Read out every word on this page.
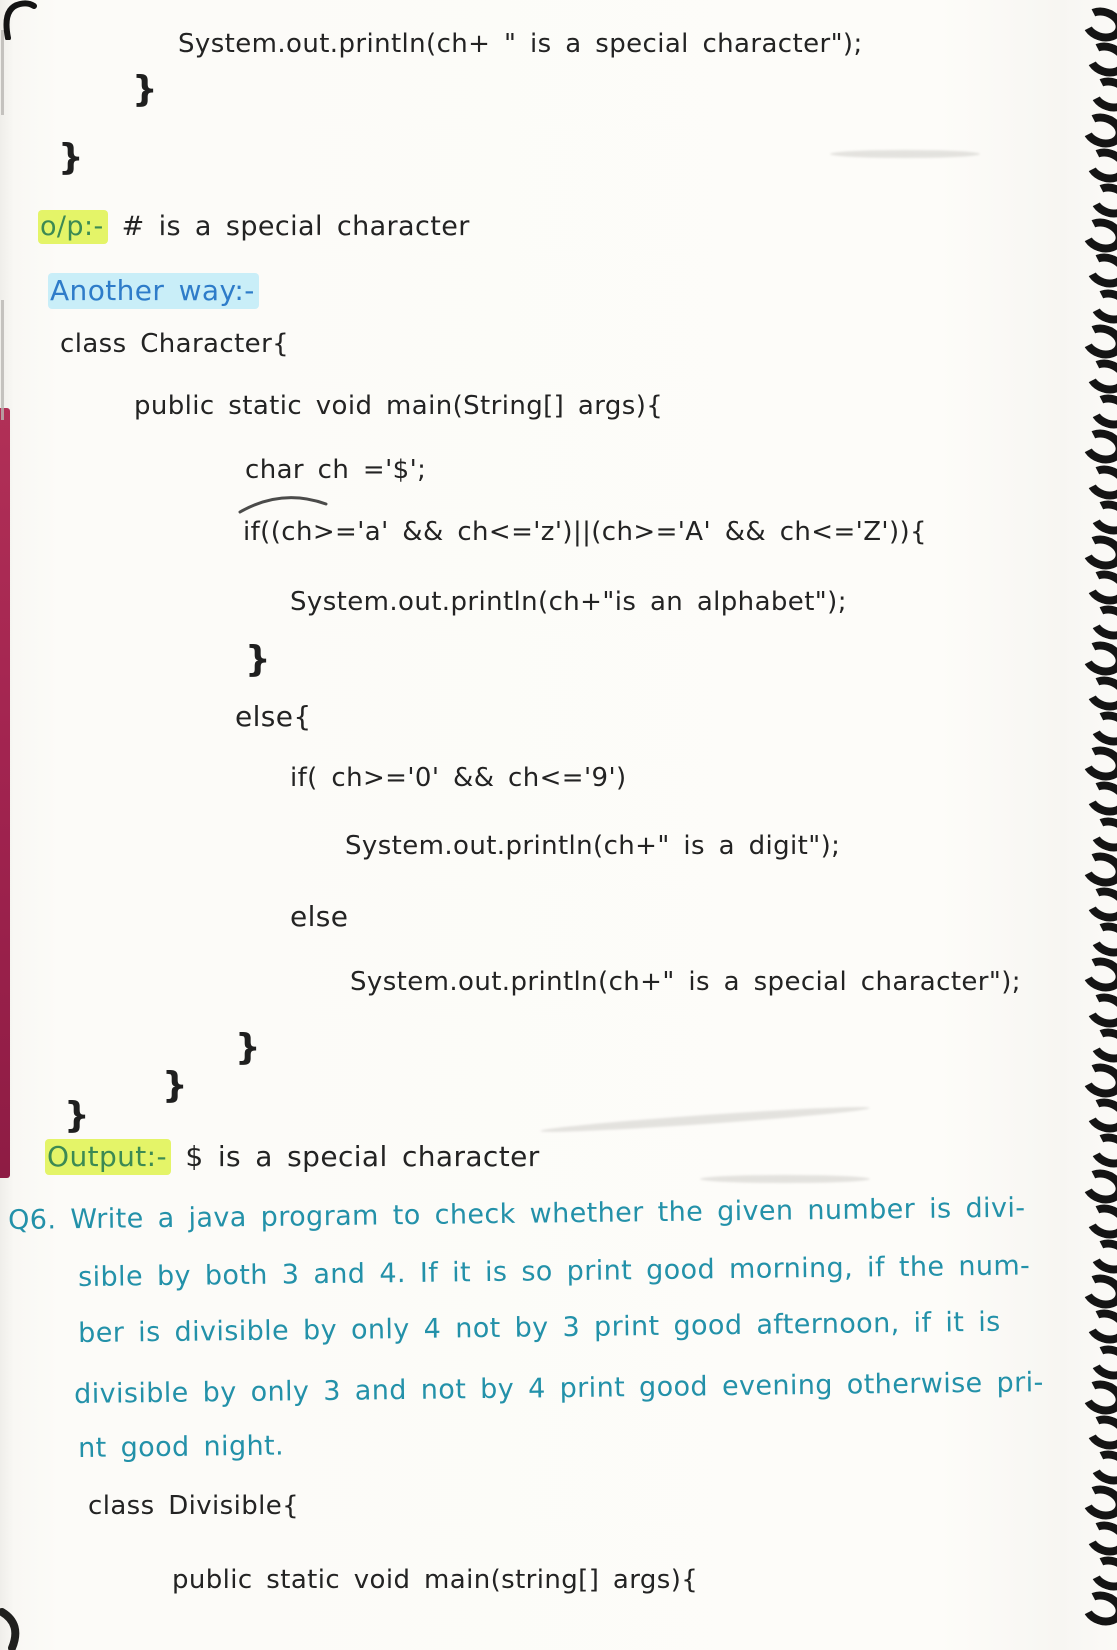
System.out.println(ch+ " is a special character");
}
}
o/p:- # is a special character
Another way:-
class Character{
public static void main(String[] args){
char ch ='$';
if((ch>='a' && ch<='z')||(ch>='A' && ch<='Z')){
System.out.println(ch+"is an alphabet");
}
else{
if( ch>='0' && ch<='9')
System.out.println(ch+" is a digit");
else
System.out.println(ch+" is a special character");
}
}
}
Output:- $ is a special character
Q6. Write a java program to check whether the given number is divi-
sible by both 3 and 4. If it is so print good morning, if the num-
ber is divisible by only 4 not by 3 print good afternoon, if it is
divisible by only 3 and not by 4 print good evening otherwise pri-
nt good night.
class Divisible{
public static void main(string[] args){
